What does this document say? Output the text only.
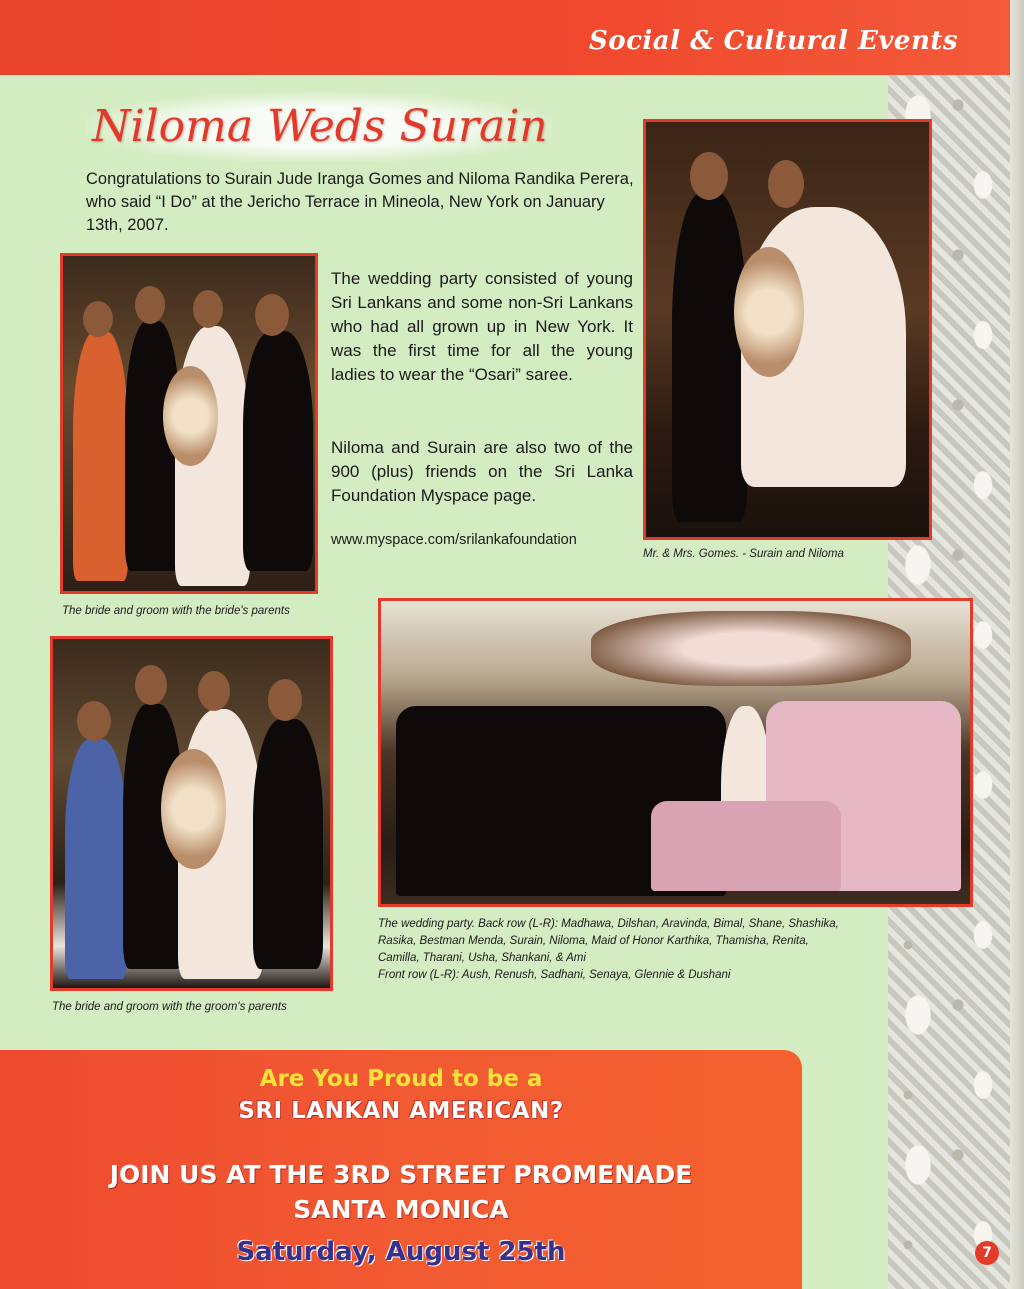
Social & Cultural Events
Niloma Weds Surain
Congratulations to Surain Jude Iranga Gomes and Niloma Randika Perera, who said “I Do” at the Jericho Terrace in Mineola, New York on January 13th, 2007.
The wedding party consisted of young Sri Lankans and some non-Sri Lankans who had all grown up in New York. It was the first time for all the young ladies to wear the “Osari” saree.
Niloma and Surain are also two of the 900 (plus) friends on the Sri Lanka Foundation Myspace page.
www.myspace.com/srilankafoundation
Mr. & Mrs. Gomes. - Surain and Niloma
The bride and groom with the bride's parents
The bride and groom with the groom's parents
The wedding party. Back row (L-R): Madhawa, Dilshan, Aravinda, Bimal, Shane, Shashika,
Rasika, Bestman Menda, Surain, Niloma, Maid of Honor Karthika, Thamisha, Renita,
Camilla, Tharani, Usha, Shankani, & Ami
Front row (L-R): Aush, Renush, Sadhani, Senaya, Glennie & Dushani
Are You Proud to be a
SRI LANKAN AMERICAN?
JOIN US AT THE 3RD STREET PROMENADE
SANTA MONICA
Saturday, August 25th	7
